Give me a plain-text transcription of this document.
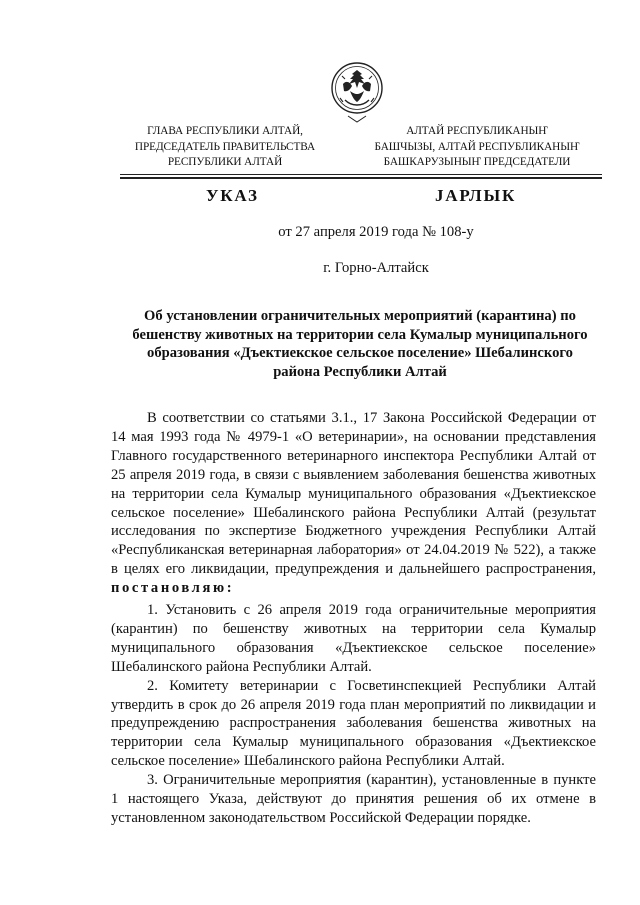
ГЛАВА РЕСПУБЛИКИ АЛТАЙ,
ПРЕДСЕДАТЕЛЬ ПРАВИТЕЛЬСТВА
РЕСПУБЛИКИ АЛТАЙ
АЛТАЙ РЕСПУБЛИКАНЫҤ
БАШЧЫЗЫ, АЛТАЙ РЕСПУБЛИКАНЫҤ
БАШКАРУЗЫНЫҤ ПРЕДСЕДАТЕЛИ
УКАЗ	ЈАРЛЫК
от 27 апреля 2019 года № 108-у
г. Горно-Алтайск
Об установлении ограничительных мероприятий (карантина) по
бешенству животных на территории села Кумалыр муниципального
образования «Дъектиекское сельское поселение» Шебалинского
района Республики Алтай

В соответствии со статьями 3.1., 17 Закона Российской Федерации от 14 мая 1993 года № 4979-1 «О ветеринарии», на основании представления Главного государственного ветеринарного инспектора Республики Алтай от 25 апреля 2019 года, в связи с выявлением заболевания бешенства животных на территории села Кумалыр муниципального образования «Дъектиекское сельское поселение» Шебалинского района Республики Алтай (результат исследования по экспертизе Бюджетного учреждения Республики Алтай «Республиканская ветеринарная лаборатория» от 24.04.2019 № 522), а также в целях его ликвидации, предупреждения и дальнейшего распространения, постановляю:

1. Установить с 26 апреля 2019 года ограничительные мероприятия (карантин) по бешенству животных на территории села Кумалыр муниципального образования «Дъектиекское сельское поселение» Шебалинского района Республики Алтай.

2. Комитету ветеринарии с Госветинспекцией Республики Алтай утвердить в срок до 26 апреля 2019 года план мероприятий по ликвидации и предупреждению распространения заболевания бешенства животных на территории села Кумалыр муниципального образования «Дъектиекское сельское поселение» Шебалинского района Республики Алтай.

3. Ограничительные мероприятия (карантин), установленные в пункте 1 настоящего Указа, действуют до принятия решения об их отмене в установленном законодательством Российской Федерации порядке.
